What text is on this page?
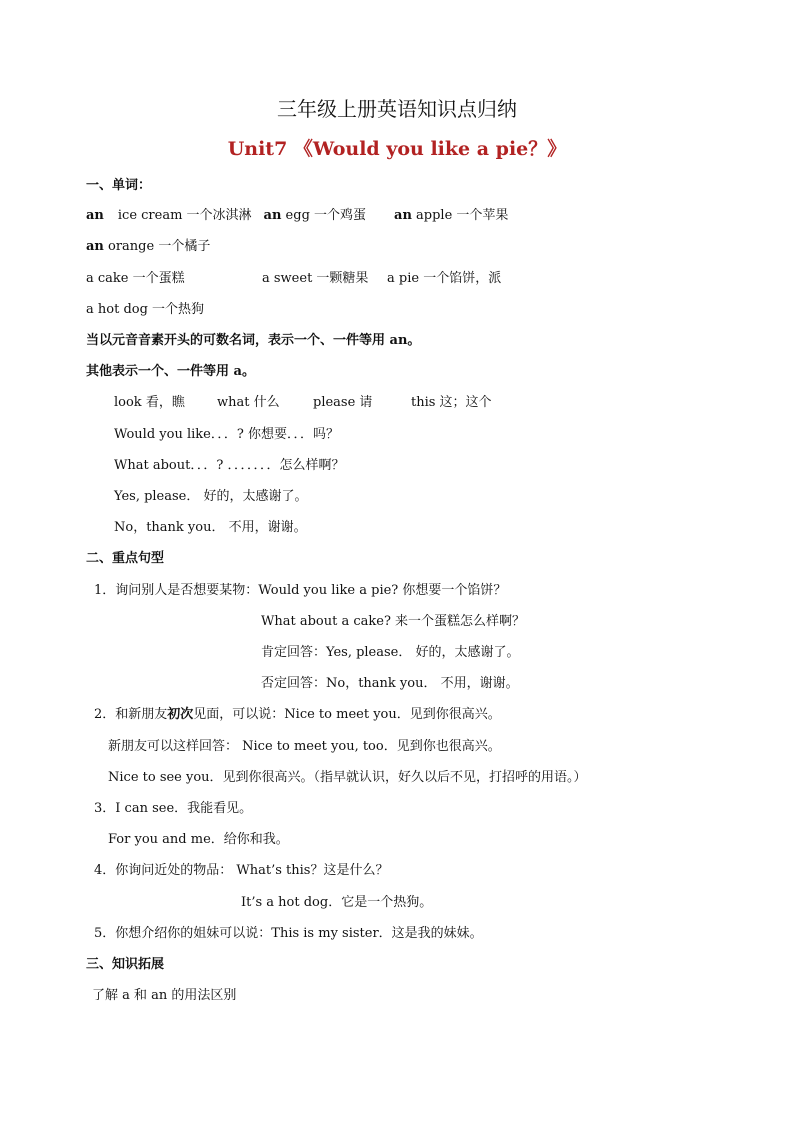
三年级上册英语知识点归纳
Unit7 《Would you like a pie？》
一、单词：
an ice cream 一个冰淇淋 an egg 一个鸡蛋 an apple 一个苹果
an orange 一个橘子
a cake 一个蛋糕	a sweet 一颗糖果 a pie 一个馅饼，派
a hot dog 一个热狗
当以元音音素开头的可数名词，表示一个、一件等用 an。
其他表示一个、一件等用 a。
look 看，瞧 what 什么	please 请	this 这；这个
Would you like．．．? 你想要．．．吗？
What about．．．? ．．．．．．．怎么样啊？
Yes, please． 好的，太感谢了。
No，thank you． 不用，谢谢。
二、重点句型
1．询问别人是否想要某物：Would you like a pie? 你想要一个馅饼？
What about a cake? 来一个蛋糕怎么样啊？
肯定回答：Yes, please． 好的，太感谢了。
否定回答：No，thank you． 不用，谢谢。
2．和新朋友初次见面，可以说：Nice to meet you．见到你很高兴。
新朋友可以这样回答： Nice to meet you, too．见到你也很高兴。
Nice to see you．见到你很高兴。（指早就认识，好久以后不见，打招呼的用语。）
3．I can see．我能看见。
For you and me．给你和我。
4．你询问近处的物品： What’s this？这是什么？
It’s a hot dog．它是一个热狗。
5．你想介绍你的姐妹可以说：This is my sister．这是我的妹妹。
三、知识拓展
了解 a 和 an 的用法区别
